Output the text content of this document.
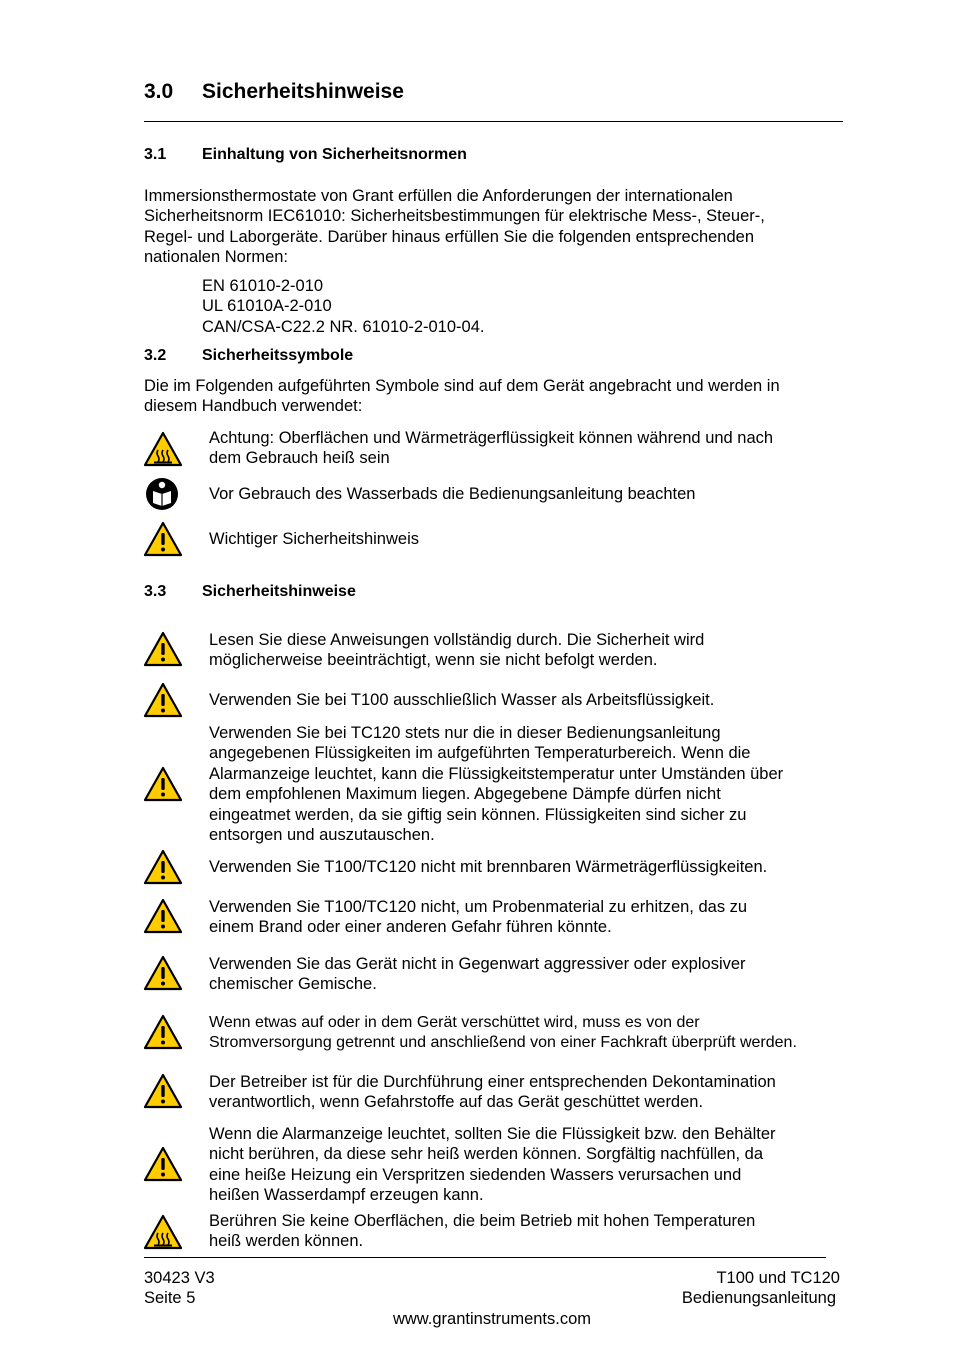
3.0 Sicherheitshinweise
3.1 Einhaltung von Sicherheitsnormen
Immersionsthermostate von Grant erfüllen die Anforderungen der internationalen
Sicherheitsnorm IEC61010: Sicherheitsbestimmungen für elektrische Mess-, Steuer-,
Regel- und Laborgeräte. Darüber hinaus erfüllen Sie die folgenden entsprechenden
nationalen Normen:
EN 61010-2-010
UL 61010A-2-010
CAN/CSA-C22.2 NR. 61010-2-010-04.
3.2 Sicherheitssymbole
Die im Folgenden aufgeführten Symbole sind auf dem Gerät angebracht und werden in
diesem Handbuch verwendet:
Achtung: Oberflächen und Wärmeträgerflüssigkeit können während und nach
dem Gebrauch heiß sein
Vor Gebrauch des Wasserbads die Bedienungsanleitung beachten
Wichtiger Sicherheitshinweis
3.3 Sicherheitshinweise
Lesen Sie diese Anweisungen vollständig durch. Die Sicherheit wird
möglicherweise beeinträchtigt, wenn sie nicht befolgt werden.
Verwenden Sie bei T100 ausschließlich Wasser als Arbeitsflüssigkeit.
Verwenden Sie bei TC120 stets nur die in dieser Bedienungsanleitung
angegebenen Flüssigkeiten im aufgeführten Temperaturbereich. Wenn die
Alarmanzeige leuchtet, kann die Flüssigkeitstemperatur unter Umständen über
dem empfohlenen Maximum liegen. Abgegebene Dämpfe dürfen nicht
eingeatmet werden, da sie giftig sein können. Flüssigkeiten sind sicher zu
entsorgen und auszutauschen.
Verwenden Sie T100/TC120 nicht mit brennbaren Wärmeträgerflüssigkeiten.
Verwenden Sie T100/TC120 nicht, um Probenmaterial zu erhitzen, das zu
einem Brand oder einer anderen Gefahr führen könnte.
Verwenden Sie das Gerät nicht in Gegenwart aggressiver oder explosiver
chemischer Gemische.
Wenn etwas auf oder in dem Gerät verschüttet wird, muss es von der
Stromversorgung getrennt und anschließend von einer Fachkraft überprüft werden.
Der Betreiber ist für die Durchführung einer entsprechenden Dekontamination
verantwortlich, wenn Gefahrstoffe auf das Gerät geschüttet werden.
Wenn die Alarmanzeige leuchtet, sollten Sie die Flüssigkeit bzw. den Behälter
nicht berühren, da diese sehr heiß werden können. Sorgfältig nachfüllen, da
eine heiße Heizung ein Verspritzen siedenden Wassers verursachen und
heißen Wasserdampf erzeugen kann.
Berühren Sie keine Oberflächen, die beim Betrieb mit hohen Temperaturen
heiß werden können.
30423 V3
Seite 5
T100 und TC120
Bedienungsanleitung
www.grantinstruments.com
